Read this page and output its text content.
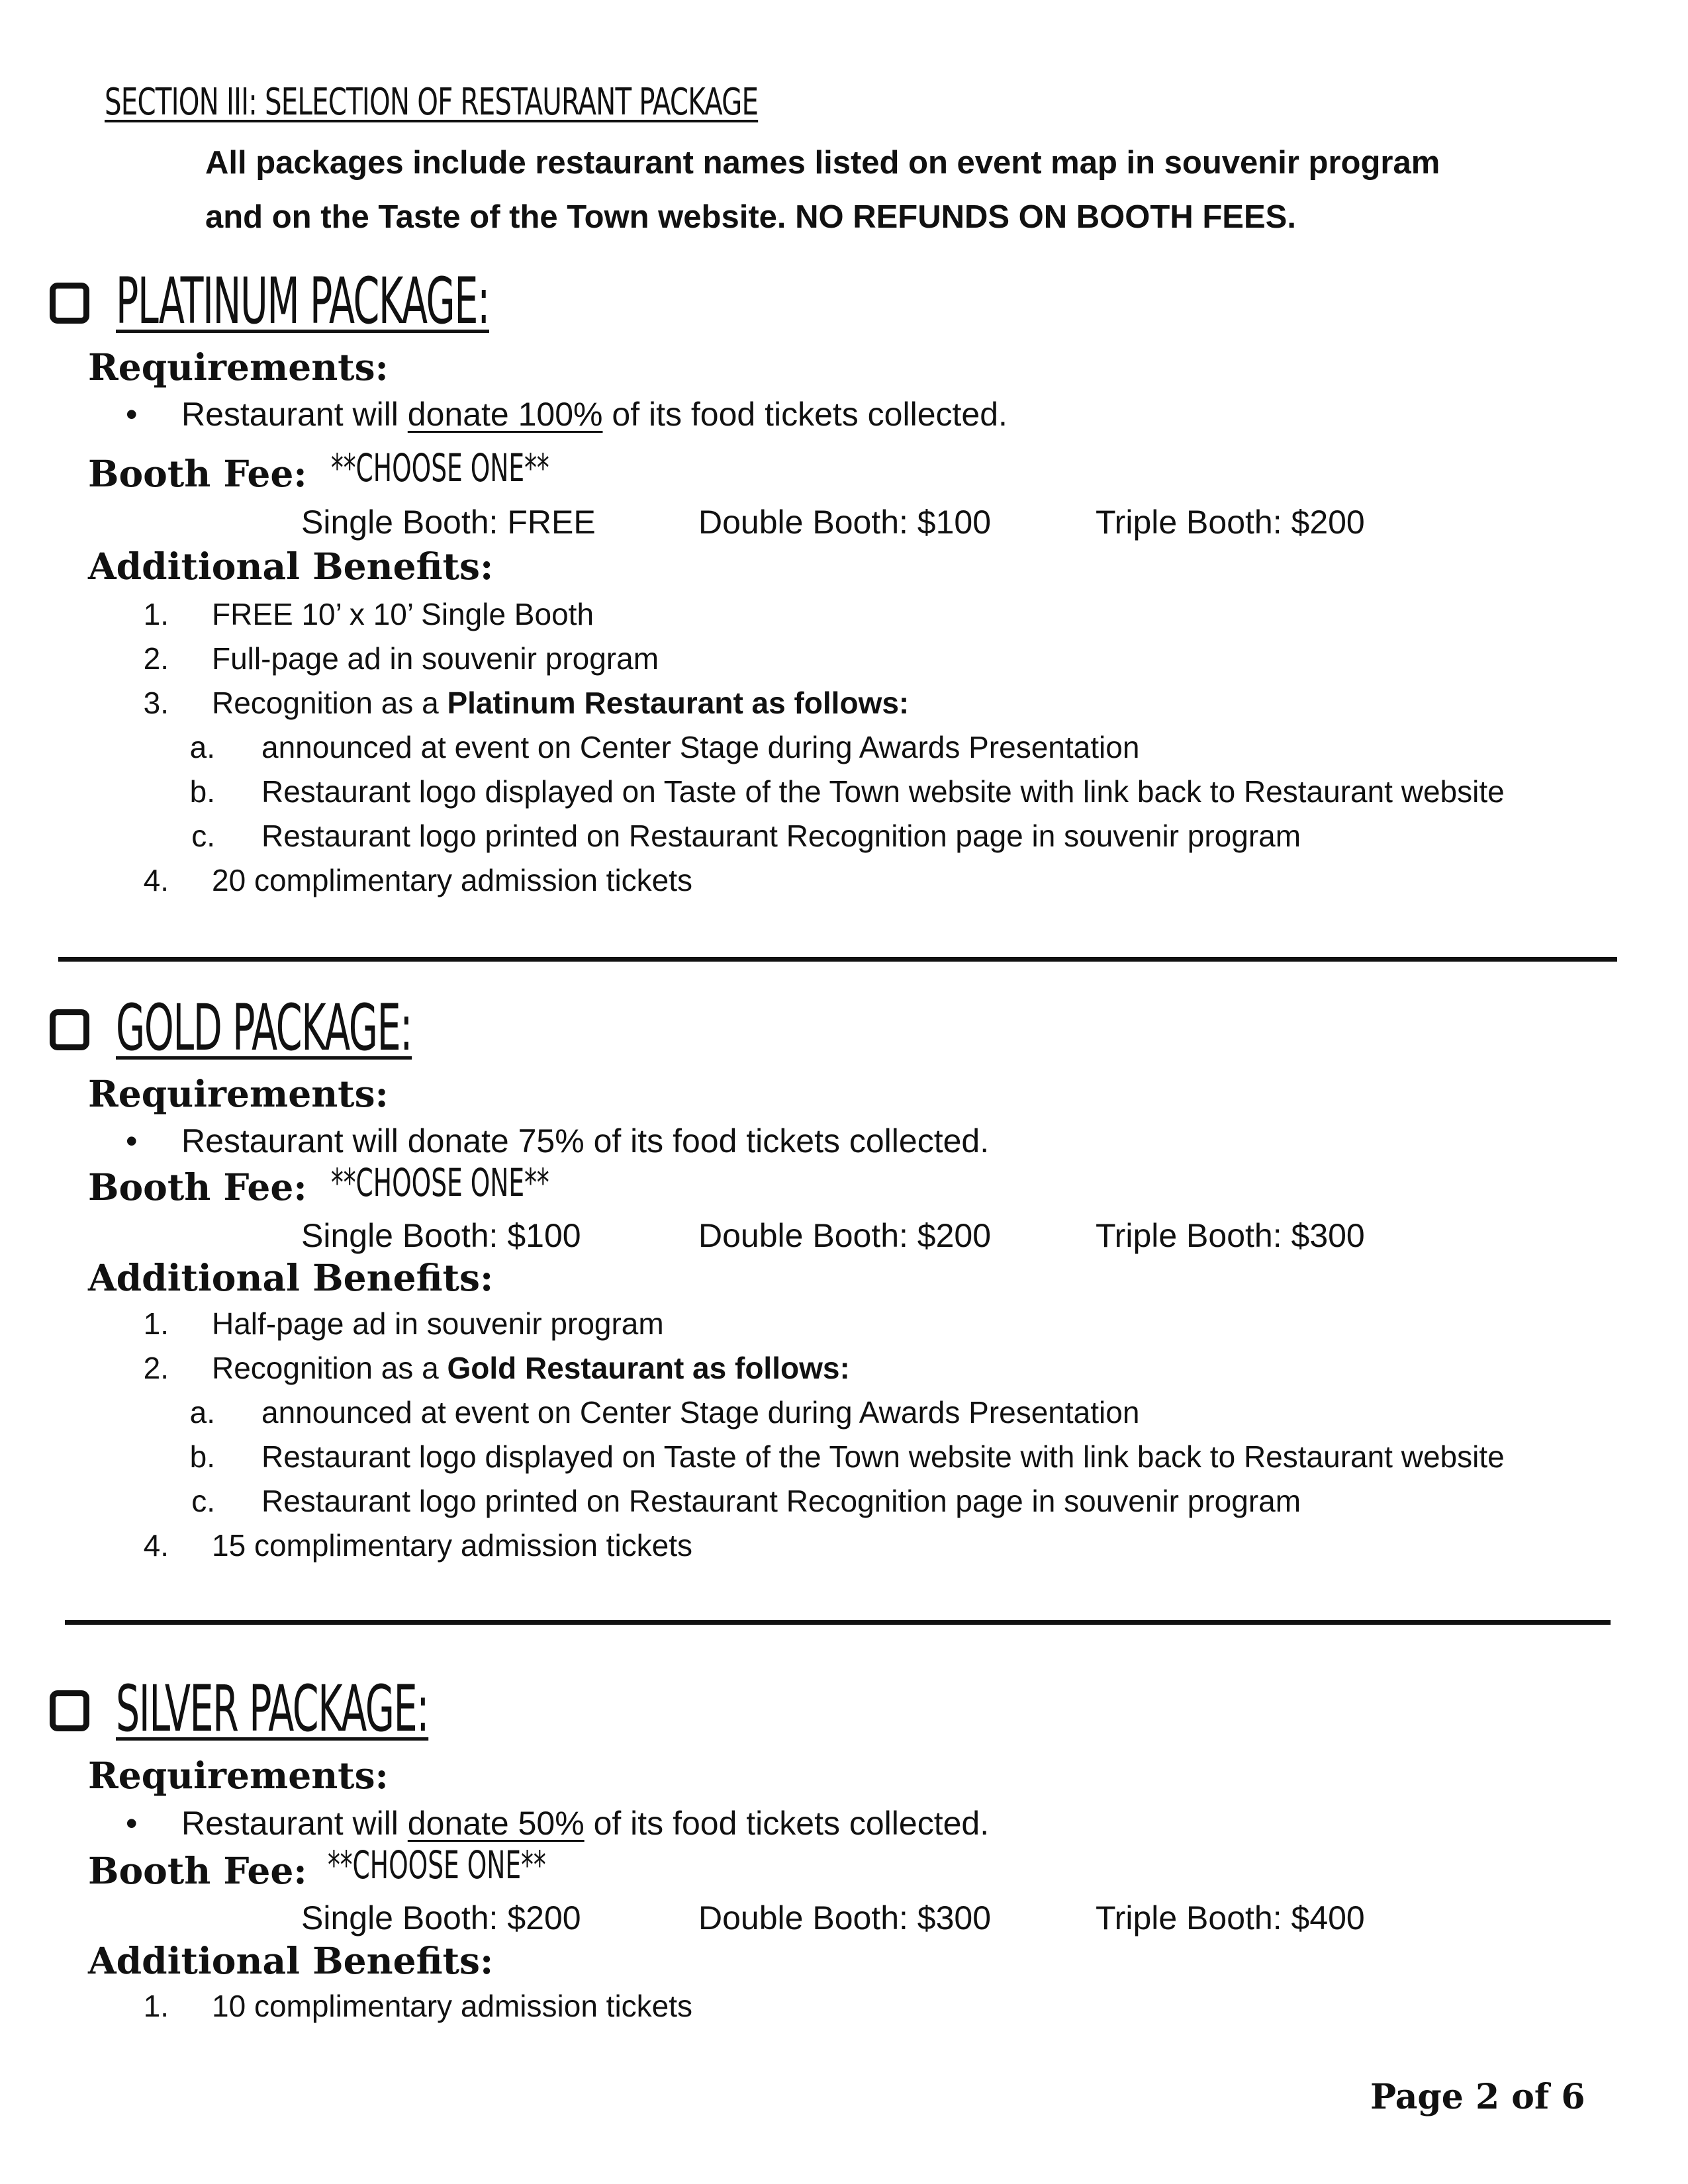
SECTION III: SELECTION OF RESTAURANT PACKAGE
All packages include restaurant names listed on event map in souvenir program
and on the Taste of the Town website. NO REFUNDS ON BOOTH FEES.
PLATINUM PACKAGE:
Requirements:
• Restaurant will donate 100% of its food tickets collected.
Booth Fee: **CHOOSE ONE**
Single Booth: FREE	Double Booth: $100	Triple Booth: $200
Additional Benefits:
1. FREE 10’ x 10’ Single Booth
2. Full-page ad in souvenir program
3. Recognition as a Platinum Restaurant as follows:
a. announced at event on Center Stage during Awards Presentation
b. Restaurant logo displayed on Taste of the Town website with link back to Restaurant website
c. Restaurant logo printed on Restaurant Recognition page in souvenir program
4. 20 complimentary admission tickets
GOLD PACKAGE:
Requirements:
• Restaurant will donate 75% of its food tickets collected.
Booth Fee: **CHOOSE ONE**
Single Booth: $100	Double Booth: $200	Triple Booth: $300
Additional Benefits:
1. Half-page ad in souvenir program
2. Recognition as a Gold Restaurant as follows:
a. announced at event on Center Stage during Awards Presentation
b. Restaurant logo displayed on Taste of the Town website with link back to Restaurant website
c. Restaurant logo printed on Restaurant Recognition page in souvenir program
4. 15 complimentary admission tickets
SILVER PACKAGE:
Requirements:
• Restaurant will donate 50% of its food tickets collected.
Booth Fee: **CHOOSE ONE**
Single Booth: $200	Double Booth: $300	Triple Booth: $400
Additional Benefits:
1. 10 complimentary admission tickets
Page 2 of 6
